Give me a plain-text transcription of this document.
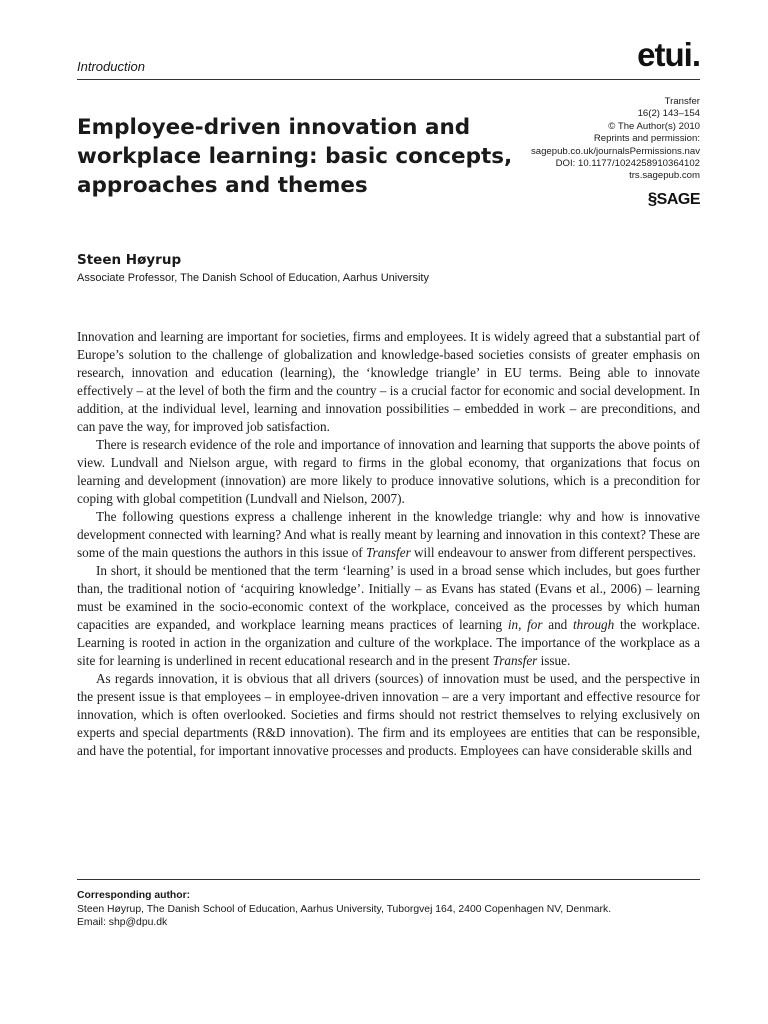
Introduction	etui.
Employee-driven innovation and
workplace learning: basic concepts,
approaches and themes
Transfer
16(2) 143–154
© The Author(s) 2010
Reprints and permission:
sagepub.co.uk/journalsPermissions.nav
DOI: 10.1177/1024258910364102
trs.sagepub.com
§SAGE
Steen Høyrup
Associate Professor, The Danish School of Education, Aarhus University

Innovation and learning are important for societies, firms and employees. It is widely agreed that a substantial part of Europe’s solution to the challenge of globalization and knowledge-based societies consists of greater emphasis on research, innovation and education (learning), the ‘knowledge triangle’ in EU terms. Being able to innovate effectively – at the level of both the firm and the country – is a crucial factor for economic and social development. In addition, at the individual level, learning and innovation possibilities – embedded in work – are preconditions, and can pave the way, for improved job satisfaction.

There is research evidence of the role and importance of innovation and learning that supports the above points of view. Lundvall and Nielson argue, with regard to firms in the global economy, that organizations that focus on learning and development (innovation) are more likely to produce innovative solutions, which is a precondition for coping with global competition (Lundvall and Nielson, 2007).

The following questions express a challenge inherent in the knowledge triangle: why and how is innovative development connected with learning? And what is really meant by learning and innovation in this context? These are some of the main questions the authors in this issue of Transfer will endeavour to answer from different perspectives.

In short, it should be mentioned that the term ‘learning’ is used in a broad sense which includes, but goes further than, the traditional notion of ‘acquiring knowledge’. Initially – as Evans has stated (Evans et al., 2006) – learning must be examined in the socio-economic context of the workplace, conceived as the processes by which human capacities are expanded, and workplace learning means practices of learning in, for and through the workplace. Learning is rooted in action in the organization and culture of the workplace. The importance of the workplace as a site for learning is underlined in recent educational research and in the present Transfer issue.

As regards innovation, it is obvious that all drivers (sources) of innovation must be used, and the perspective in the present issue is that employees – in employee-driven innovation – are a very important and effective resource for innovation, which is often overlooked. Societies and firms should not restrict themselves to relying exclusively on experts and special departments (R&D innovation). The firm and its employees are entities that can be responsible, and have the potential, for important innovative processes and products. Employees can have considerable skills and

Corresponding author:
Steen Høyrup, The Danish School of Education, Aarhus University, Tuborgvej 164, 2400 Copenhagen NV, Denmark.
Email: shp@dpu.dk
